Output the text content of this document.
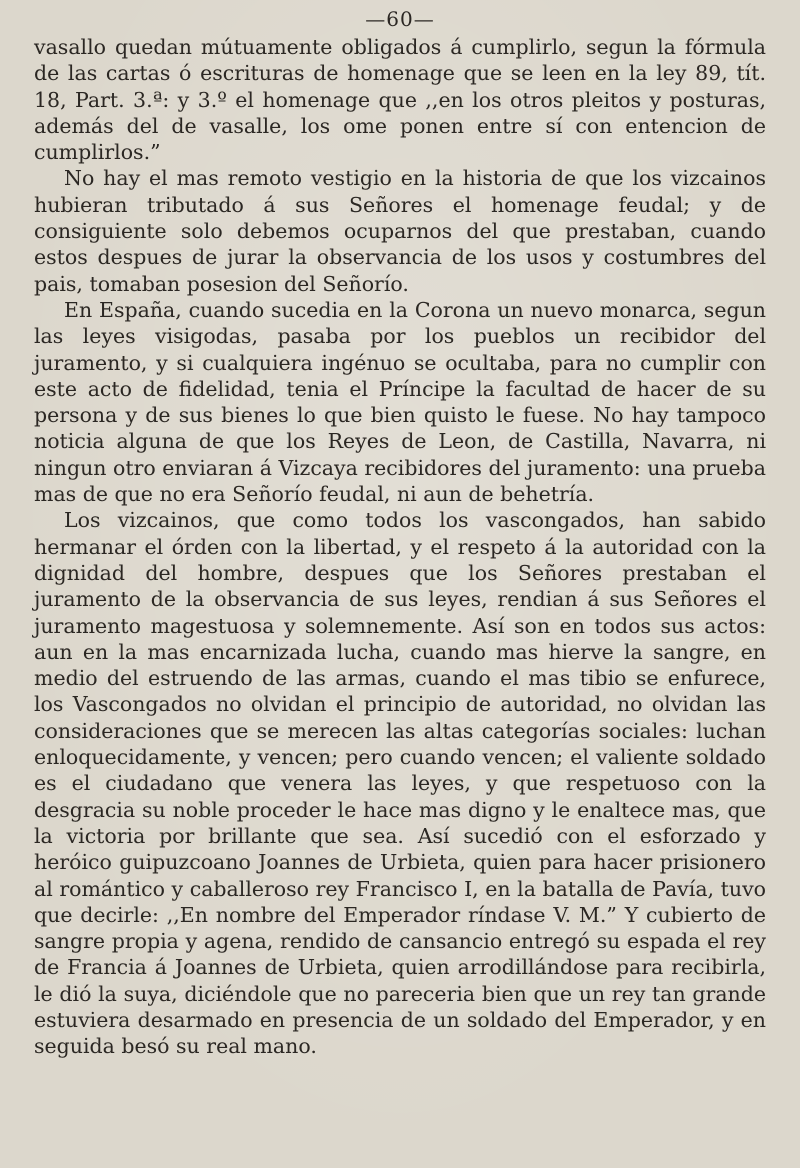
—60—

vasallo quedan mútuamente obligados á cumplirlo, segun la fórmula de las cartas ó escrituras de homenage que se leen en la ley 89, tít. 18, Part. 3.ª: y 3.º el homenage que ,,en los otros pleitos y posturas, además del de vasalle, los ome ponen entre sí con entencion de cumplirlos.”

No hay el mas remoto vestigio en la historia de que los vizcainos hubieran tributado á sus Señores el homenage feudal; y de consiguiente solo debemos ocuparnos del que prestaban, cuando estos despues de jurar la observancia de los usos y costumbres del pais, tomaban posesion del Señorío.

En España, cuando sucedia en la Corona un nuevo monarca, segun las leyes visigodas, pasaba por los pueblos un recibidor del juramento, y si cualquiera ingénuo se ocultaba, para no cumplir con este acto de fidelidad, tenia el Príncipe la facultad de hacer de su persona y de sus bienes lo que bien quisto le fuese. No hay tampoco noticia alguna de que los Reyes de Leon, de Castilla, Navarra, ni ningun otro enviaran á Vizcaya recibidores del juramento: una prueba mas de que no era Señorío feudal, ni aun de behetría.

Los vizcainos, que como todos los vascongados, han sabido hermanar el órden con la libertad, y el respeto á la autoridad con la dignidad del hombre, despues que los Señores prestaban el juramento de la observancia de sus leyes, rendian á sus Señores el juramento magestuosa y solemnemente. Así son en todos sus actos: aun en la mas encarnizada lucha, cuando mas hierve la sangre, en medio del estruendo de las armas, cuando el mas tibio se enfurece, los Vascongados no olvidan el principio de autoridad, no olvidan las consideraciones que se merecen las altas categorías sociales: luchan enloquecidamente, y vencen; pero cuando vencen; el valiente soldado es el ciudadano que venera las leyes, y que respetuoso con la desgracia su noble proceder le hace mas digno y le enaltece mas, que la victoria por brillante que sea. Así sucedió con el esforzado y heróico guipuzcoano Joannes de Urbieta, quien para hacer prisionero al romántico y caballeroso rey Francisco I, en la batalla de Pavía, tuvo que decirle: ,,En nombre del Emperador ríndase V. M.” Y cubierto de sangre propia y agena, rendido de cansancio entregó su espada el rey de Francia á Joannes de Urbieta, quien arrodillándose para recibirla, le dió la suya, diciéndole que no pareceria bien que un rey tan grande estuviera desarmado en presencia de un soldado del Emperador, y en seguida besó su real mano.
